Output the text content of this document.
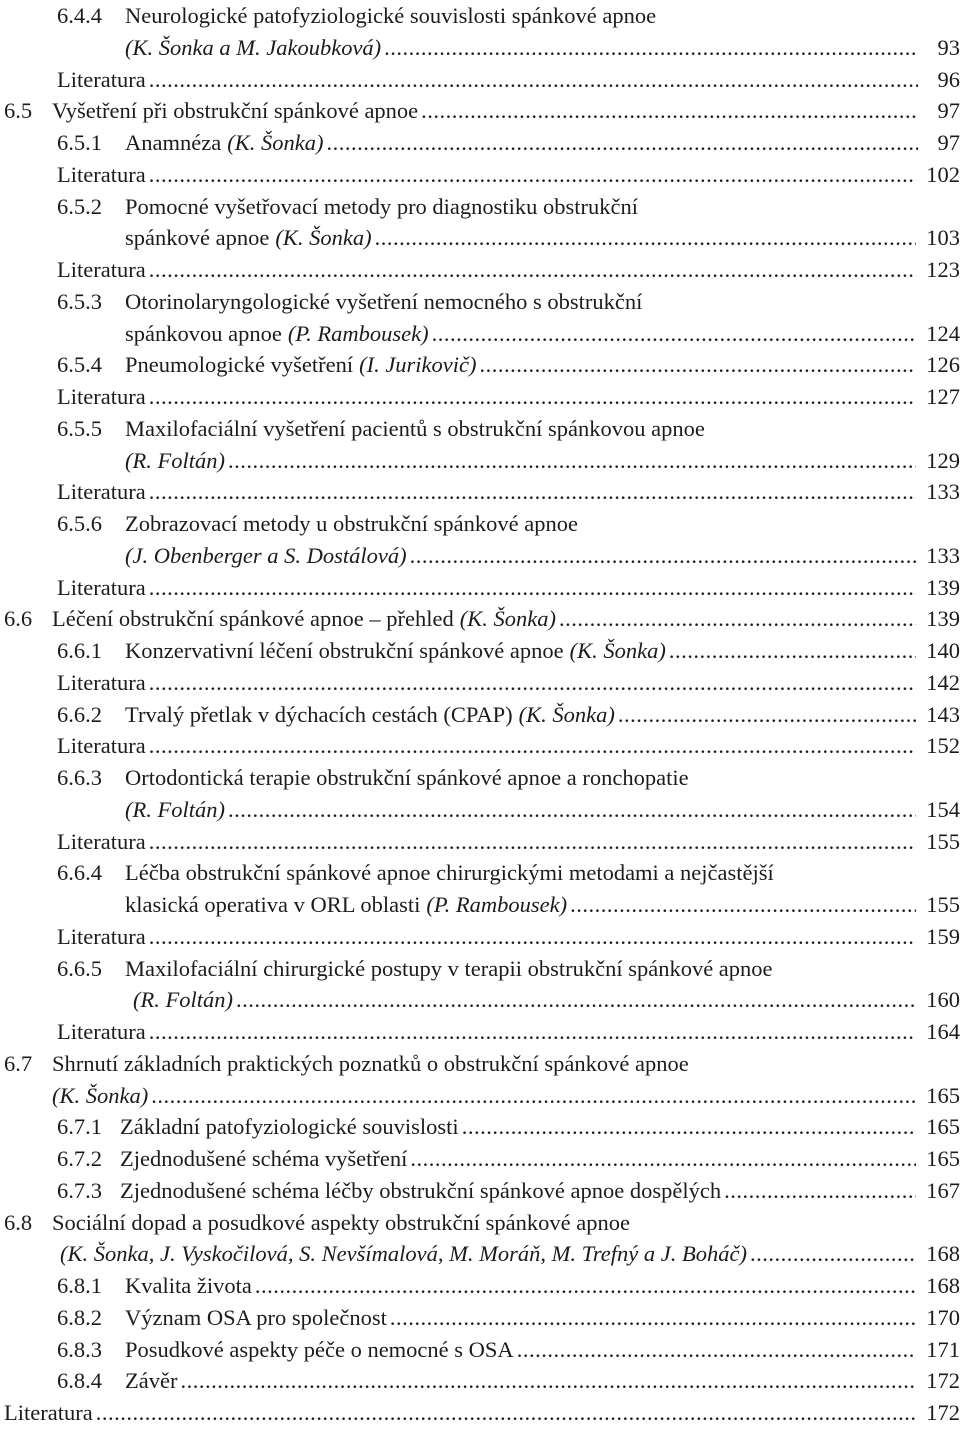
6.4.4	Neurologické patofyziologické souvislosti spánkové apnoe
(K. Šonka a M. Jakoubková) .....	93
Literatura .....	96
6.5 Vyšetření při obstrukční spánkové apnoe .....	97
6.5.1	Anamnéza (K. Šonka) .....	97
Literatura .....	102
6.5.2	Pomocné vyšetřovací metody pro diagnostiku obstrukční
spánkové apnoe (K. Šonka) .....	103
Literatura .....	123
6.5.3	Otorinolaryngologické vyšetření nemocného s obstrukční
spánkovou apnoe (P. Rambousek) .....	124
6.5.4	Pneumologické vyšetření (I. Jurikovič) .....	126
Literatura .....	127
6.5.5	Maxilofaciální vyšetření pacientů s obstrukční spánkovou apnoe
(R. Foltán) .....	129
Literatura .....	133
6.5.6	Zobrazovací metody u obstrukční spánkové apnoe
(J. Obenberger a S. Dostálová) .....	133
Literatura .....	139
6.6 Léčení obstrukční spánkové apnoe – přehled (K. Šonka) .....	139
6.6.1	Konzervativní léčení obstrukční spánkové apnoe (K. Šonka) .....	140
Literatura .....	142
6.6.2	Trvalý přetlak v dýchacích cestách (CPAP) (K. Šonka) .....	143
Literatura .....	152
6.6.3	Ortodontická terapie obstrukční spánkové apnoe a ronchopatie
(R. Foltán) .....	154
Literatura .....	155
6.6.4	Léčba obstrukční spánkové apnoe chirurgickými metodami a nejčastější
klasická operativa v ORL oblasti (P. Rambousek) .....	155
Literatura .....	159
6.6.5	Maxilofaciální chirurgické postupy v terapii obstrukční spánkové apnoe
(R. Foltán) .....	160
Literatura .....	164
6.7 Shrnutí základních praktických poznatků o obstrukční spánkové apnoe
(K. Šonka) .....	165
6.7.1 Základní patofyziologické souvislosti .....	165
6.7.2 Zjednodušené schéma vyšetření .....	165
6.7.3 Zjednodušené schéma léčby obstrukční spánkové apnoe dospělých .....	167
6.8 Sociální dopad a posudkové aspekty obstrukční spánkové apnoe
(K. Šonka, J. Vyskočilová, S. Nevšímalová, M. Moráň, M. Trefný a J. Boháč) .....	168
6.8.1	Kvalita života .....	168
6.8.2	Význam OSA pro společnost .....	170
6.8.3	Posudkové aspekty péče o nemocné s OSA .....	171
6.8.4	Závěr .....	172
Literatura .....	172
